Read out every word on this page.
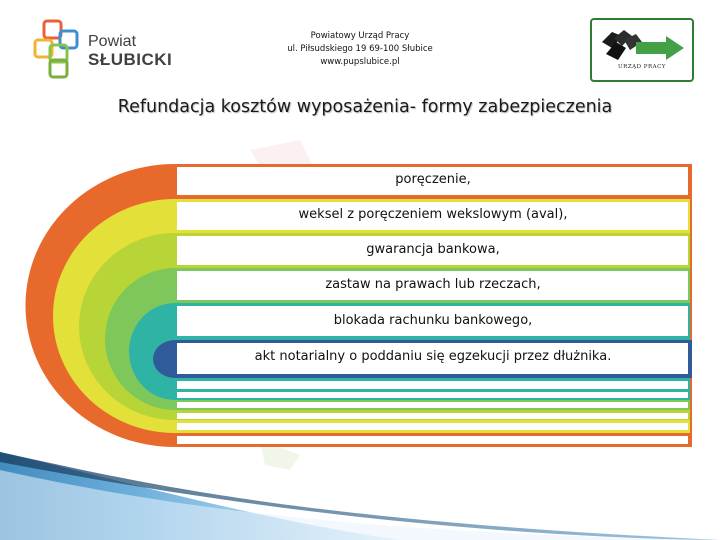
Powiat
SŁUBICKI
Powiatowy Urząd Pracy
ul. Piłsudskiego 19 69-100 Słubice
www.pupslubice.pl	URZĄD PRACY
Refundacja kosztów wyposażenia- formy zabezpieczenia
poręczenie,
weksel z poręczeniem wekslowym (aval),
gwarancja bankowa,
zastaw na prawach lub rzeczach,
blokada rachunku bankowego,
akt notarialny o poddaniu się egzekucji przez dłużnika.
